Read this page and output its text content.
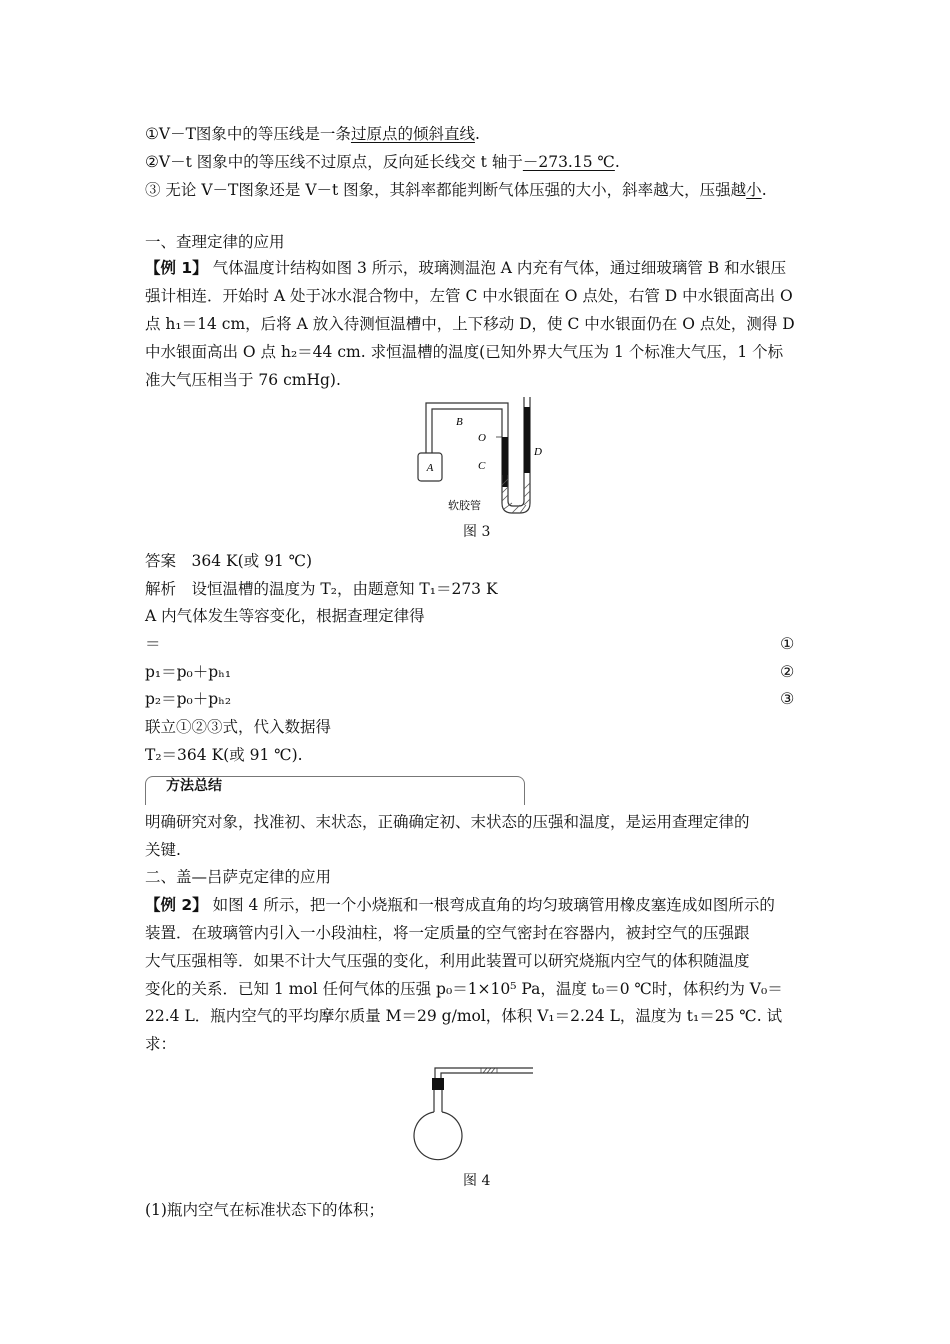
①V－T图象中的等压线是一条过原点的倾斜直线.
②V－t 图象中的等压线不过原点，反向延长线交 t 轴于－273.15 ℃.
③ 无论 V－T图象还是 V－t 图象，其斜率都能判断气体压强的大小，斜率越大，压强越小.
一、查理定律的应用
【例 1】 气体温度计结构如图 3 所示，玻璃测温泡 A 内充有气体，通过细玻璃管 B 和水银压
强计相连．开始时 A 处于冰水混合物中，左管 C 中水银面在 O 点处，右管 D 中水银面高出 O
点 h₁＝14 cm，后将 A 放入待测恒温槽中，上下移动 D，使 C 中水银面仍在 O 点处，测得 D
中水银面高出 O 点 h₂＝44 cm. 求恒温槽的温度(已知外界大气压为 1 个标准大气压，1 个标
准大气压相当于 76 cmHg).
A
B
O
C
D
软胶管
图 3
答案　364 K(或 91 ℃)
解析　设恒温槽的温度为 T₂，由题意知 T₁＝273 K
A 内气体发生等容变化，根据查理定律得
＝	①
p₁＝p₀＋pₕ₁	②
p₂＝p₀＋pₕ₂	③
联立①②③式，代入数据得
T₂＝364 K(或 91 ℃).
方法总结
明确研究对象，找准初、末状态，正确确定初、末状态的压强和温度，是运用查理定律的
关键.
二、盖—吕萨克定律的应用
【例 2】 如图 4 所示，把一个小烧瓶和一根弯成直角的均匀玻璃管用橡皮塞连成如图所示的
装置．在玻璃管内引入一小段油柱，将一定质量的空气密封在容器内，被封空气的压强跟
大气压强相等．如果不计大气压强的变化，利用此装置可以研究烧瓶内空气的体积随温度
变化的关系．已知 1 mol 任何气体的压强 p₀＝1×10⁵ Pa，温度 t₀＝0 ℃时，体积约为 V₀＝
22.4 L．瓶内空气的平均摩尔质量 M＝29 g/mol，体积 V₁＝2.24 L，温度为 t₁＝25 ℃. 试
求：
图 4
(1)瓶内空气在标准状态下的体积；
